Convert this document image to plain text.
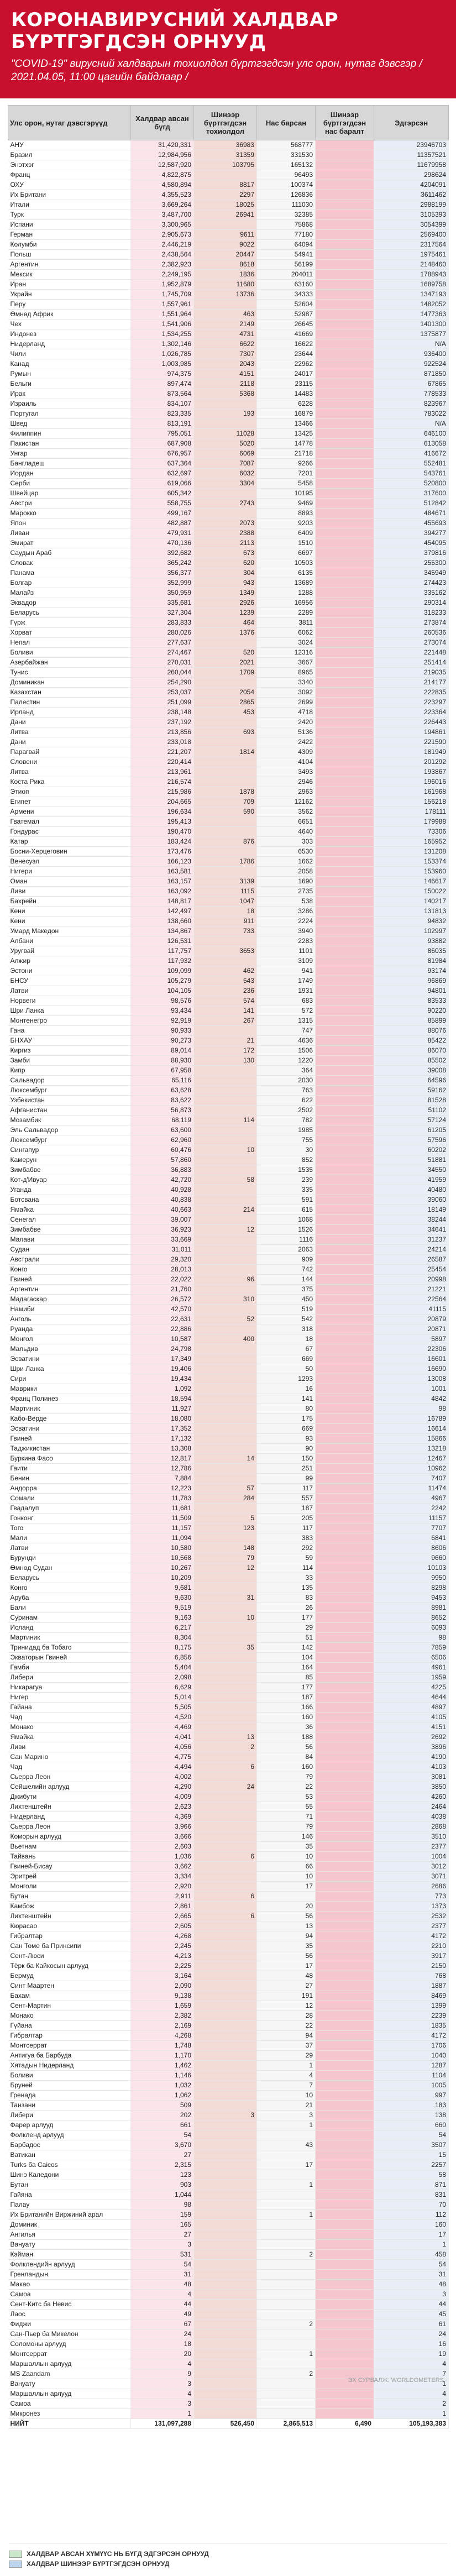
КОРОНАВИРУСНИЙ ХАЛДВАР
БҮРТГЭГДСЭН ОРНУУД

"COVID-19" вирусний халдварын тохиолдол бүртгэгдсэн улс орон, нутаг дэвсгэр / 2021.04.05, 11:00 цагийн байдлаар /

Улс орон, нутаг дэвсгэрүүд	Халдвар авсан бүгд	Шинээр бүртгэгдсэн тохиолдол	Нас барсан	Шинээр бүртгэгдсэн нас баралт	Эдгэрсэн
АНУ	31,420,331	36983	568777		23946703
Бразил	12,984,956	31359	331530		11357521
Энэтхэг	12,587,920	103795	165132		11679958
Франц	4,822,875		96493		298624
ОХУ	4,580,894	8817	100374		4204091
Их Британи	4,355,523	2297	126836		3611462
Итали	3,669,264	18025	111030		2988199
Турк	3,487,700	26941	32385		3105393
Испани	3,300,965		75868		3054399
Герман	2,905,673	9611	77180		2569400
Колумби	2,446,219	9022	64094		2317564
Польш	2,438,564	20447	54941		1975461
Аргентин	2,382,923	8618	56199		2148460
Мексик	2,249,195	1836	204011		1788943
Иран	1,952,879	11680	63160		1689758
Украйн	1,745,709	13736	34333		1347193
Перу	1,557,961		52604		1482052
Өмнөд Африк	1,551,964	463	52987		1477363
Чех	1,541,906	2149	26645		1401300
Индонез	1,534,255	4731	41669		1375877
Нидерланд	1,302,146	6622	16622		N/A
Чили	1,026,785	7307	23644		936400
Канад	1,003,985	2043	22962		922524
Румын	974,375	4151	24017		871850
Бельги	897,474	2118	23115		67865
Ирак	873,564	5368	14483		778533
Израиль	834,107		6228		823967
Португал	823,335	193	16879		783022
Швед	813,191		13466		N/A
Филиппин	795,051	11028	13425		646100
Пакистан	687,908	5020	14778		613058
Унгар	676,957	6069	21718		416672
Бангладеш	637,364	7087	9266		552481
Иордан	632,697	6032	7201		543761
Серби	619,066	3304	5458		520800
Швейцар	605,342		10195		317600
Австри	558,755	2743	9469		512842
Мароккo	499,167		8893		484671
Япон	482,887	2073	9203		455693
Ливан	479,931	2388	6409		394277
Эмират	470,136	2113	1510		454095
Саудын Араб	392,682	673	6697		379816
Словак	365,242	620	10503		255300
Панама	356,377	304	6135		345949
Болгар	352,999	943	13689		274423
Малайз	350,959	1349	1288		335162
Эквадор	335,681	2926	16956		290314
Беларусь	327,304	1239	2289		318233
Гүрж	283,833	464	3811		273874
Хорват	280,026	1376	6062		260536
Непал	277,637		3024		273074
Боливи	274,467	520	12316		221448
Азербайжан	270,031	2021	3667		251414
Тунис	260,044	1709	8965		219035
Доминикан	254,290		3340		214177
Казахстан	253,037	2054	3092		222835
Палестин	251,099	2865	2699		223297
Ирланд	238,148	453	4718		223364
Дани	237,192		2420		226443
Литва	213,856	693	5136		194861
Дани	233,018		2422		221590
Парагвай	221,207	1814	4309		181949
Словени	220,414		4104		201292
Литва	213,961		3493		193867
Коста Рика	216,574		2946		196016
Этиоп	215,986	1878	2963		161968
Египет	204,665	709	12162		156218
Армени	196,634	590	3562		178111
Гватемал	195,413		6651		179988
Гондурас	190,470		4640		73306
Катар	183,424	876	303		165952
Босни-Херцеговин	173,476		6530		131208
Венесуэл	166,123	1786	1662		153374
Нигери	163,581		2058		153960
Оман	163,157	3139	1690		146617
Ливи	163,092	1115	2735		150022
Бахрейн	148,817	1047	538		140217
Кени	142,497	18	3286		131813
Кени	138,660	911	2224		94832
Умард Македон	134,867	733	3940		102997
Албани	126,531		2283		93882
Уругвай	117,757	3653	1101		86035
Алжир	117,932		3109		81984
Эстони	109,099	462	941		93174
БНСУ	105,279	543	1749		96869
Латви	104,105	236	1931		94801
Норвеги	98,576	574	683		83533
Шри Ланка	93,434	141	572		90220
Монтенегро	92,919	267	1315		85899
Гана	90,933		747		88076
БНХАУ	90,273	21	4636		85422
Киргиз	89,014	172	1506		86070
Замби	88,930	130	1220		85502
Кипр	67,958		364		39008
Сальвадор	65,116		2030		64596
Люксембург	63,628		763		59162
Узбекистан	83,622		622		81528
Афганистан	56,873		2502		51102
Мозамбик	68,119	114	782		57124
Эль Сальвадор	63,600		1985		61205
Люксембург	62,960		755		57596
Сингапур	60,476	10	30		60202
Камерун	57,860		852		51881
Зимбабве	36,883		1535		34550
Кот-д'Ивуар	42,720	58	239		41959
Уганда	40,928		335		40480
Ботсвана	40,838		591		39060
Ямайка	40,663	214	615		18149
Сенегал	39,007		1068		38244
Зимбабве	36,923	12	1526		34641
Малави	33,669		1116		31237
Судан	31,011		2063		24214
Австрали	29,320		909		26587
Конго	28,013		742		25454
Гвиней	22,022	96	144		20998
Аргентин	21,760		375		21221
Мадагаскар	26,572	310	450		22564
Намиби	42,570		519		41115
Анголь	22,631	52	542		20879
Руанда	22,886		318		20871
Монгол	10,587	400	18		5897
Мальдив	24,798		67		22306
Эсватини	17,349		669		16601
Шри Ланка	19,406		50		16690
Сири	19,434		1293		13008
Маврики	1,092		16		1001
Франц Полинез	18,594		141		4842
Мартиник	11,927		80		98
Кабо-Верде	18,080		175		16789
Эсватини	17,352		669		16614
Гвиней	17,132		93		15866
Таджикистан	13,308		90		13218
Буркина Фасо	12,817	14	150		12467
Гаити	12,786		251		10962
Бенин	7,884		99		7407
Андорра	12,223	57	117		11474
Сомали	11,783	284	557		4967
Гвадалуп	11,681		187		2242
Гонконг	11,509	5	205		11157
Того	11,157	123	117		7707
Мали	11,094		383		6841
Латви	10,580	148	292		8606
Бурунди	10,568	79	59		9660
Өмнөд Судан	10,267	12	114		10103
Беларусь	10,209		33		9950
Конго	9,681		135		8298
Аруба	9,630	31	83		9453
Бали	9,519		26		8981
Суринам	9,163	10	177		8652
Исланд	6,217		29		6093
Мартиник	8,304		51		98
Тринидад ба Тобаго	8,175	35	142		7859
Экваторын Гвиней	6,856		104		6506
Гамби	5,404		164		4961
Либери	2,098		85		1959
Никарагуа	6,629		177		4225
Нигер	5,014		187		4644
Гайана	5,505		166		4897
Чад	4,520		160		4105
Монако	4,469		36		4151
Ямайка	4,041	13	188		2692
Ливи	4,056	2	56		3896
Сан Марино	4,775		84		4190
Чад	4,494	6	160		4103
Сьерра Леон	4,002		79		3081
Сейшелийн арлууд	4,290	24	22		3850
Джибути	4,009		53		4260
Лихтенштейн	2,623		55		2464
Нидерланд	4,369		71		4038
Сьерра Леон	3,966		79		2868
Коморын арлууд	3,666		146		3510
Вьетнам	2,603		35		2377
Тайвань	1,036	6	10		1004
Гвиней-Бисау	3,662		66		3012
Эритрей	3,334		10		3071
Монголи	2,920		17		2686
Бутан	2,911	6			773
Камбож	2,861		20		1373
Лихтенштейн	2,665	6	56		2532
Кюрасао	2,605		13		2377
Гибралтар	4,268		94		4172
Сан Томе ба Принсипи	2,245		35		2210
Сент-Люси	4,213		56		3917
Тёрк ба Кайкосын арлууд	2,225		17		2150
Бермуд	3,164		48		768
Синт Маартен	2,090		27		1887
Бахам	9,138		191		8469
Сент-Мартин	1,659		12		1399
Монако	2,382		28		2239
Гүйана	2,169		22		1835
Гибралтар	4,268		94		4172
Монтсеррат	1,748		37		1706
Антигуа ба Барбуда	1,170		29		1040
Хятадын Нидерланд	1,462		1		1287
Боливи	1,146		4		1104
Бруней	1,032		7		1005
Гренада	1,062		10		997
Танзани	509		21		183
Либери	202	3	3		138
Фарер арлууд	661		1		660
Фолкленд арлууд	54				54
Барбадос	3,670		43		3507
Ватикан	27				15
Turks ба Caicos	2,315		17		2257
Шинэ Каледони	123				58
Бутан	903		1		871
Гайяна	1,044				831
Палау	98				70
Их Британийн Виржиний арал	159		1		112
Доминик	165				160
Ангилья	27				17
Вануату	3				1
Кэйман	531		2		458
Фолклендийн арлууд	54				54
Гренландын	31				31
Макао	48				48
Самоа	4				3
Сент-Китс ба Невис	44				44
Лаос	49				45
Фиджи	67		2		61
Сан-Пьер ба Микелон	24				24
Соломоны арлууд	18				16
Монтсеррат	20		1		19
Маршаллын арлууд	4				4
MS Zaandam	9		2		7
Вануату	3				1
Маршаллын арлууд	4				4
Самоа	3				2
Микронез	1				1
НИЙТ	131,097,288	526,450	2,865,513	6,490	105,193,383
ЭХ СУРВАЛЖ: WORLDOMETERS
ХАЛДВАР АВСАН ХҮМҮҮС НЬ БҮГД ЭДГЭРСЭН ОРНУУД
ХАЛДВАР ШИНЭЭР БҮРТГЭГДСЭН ОРНУУД
